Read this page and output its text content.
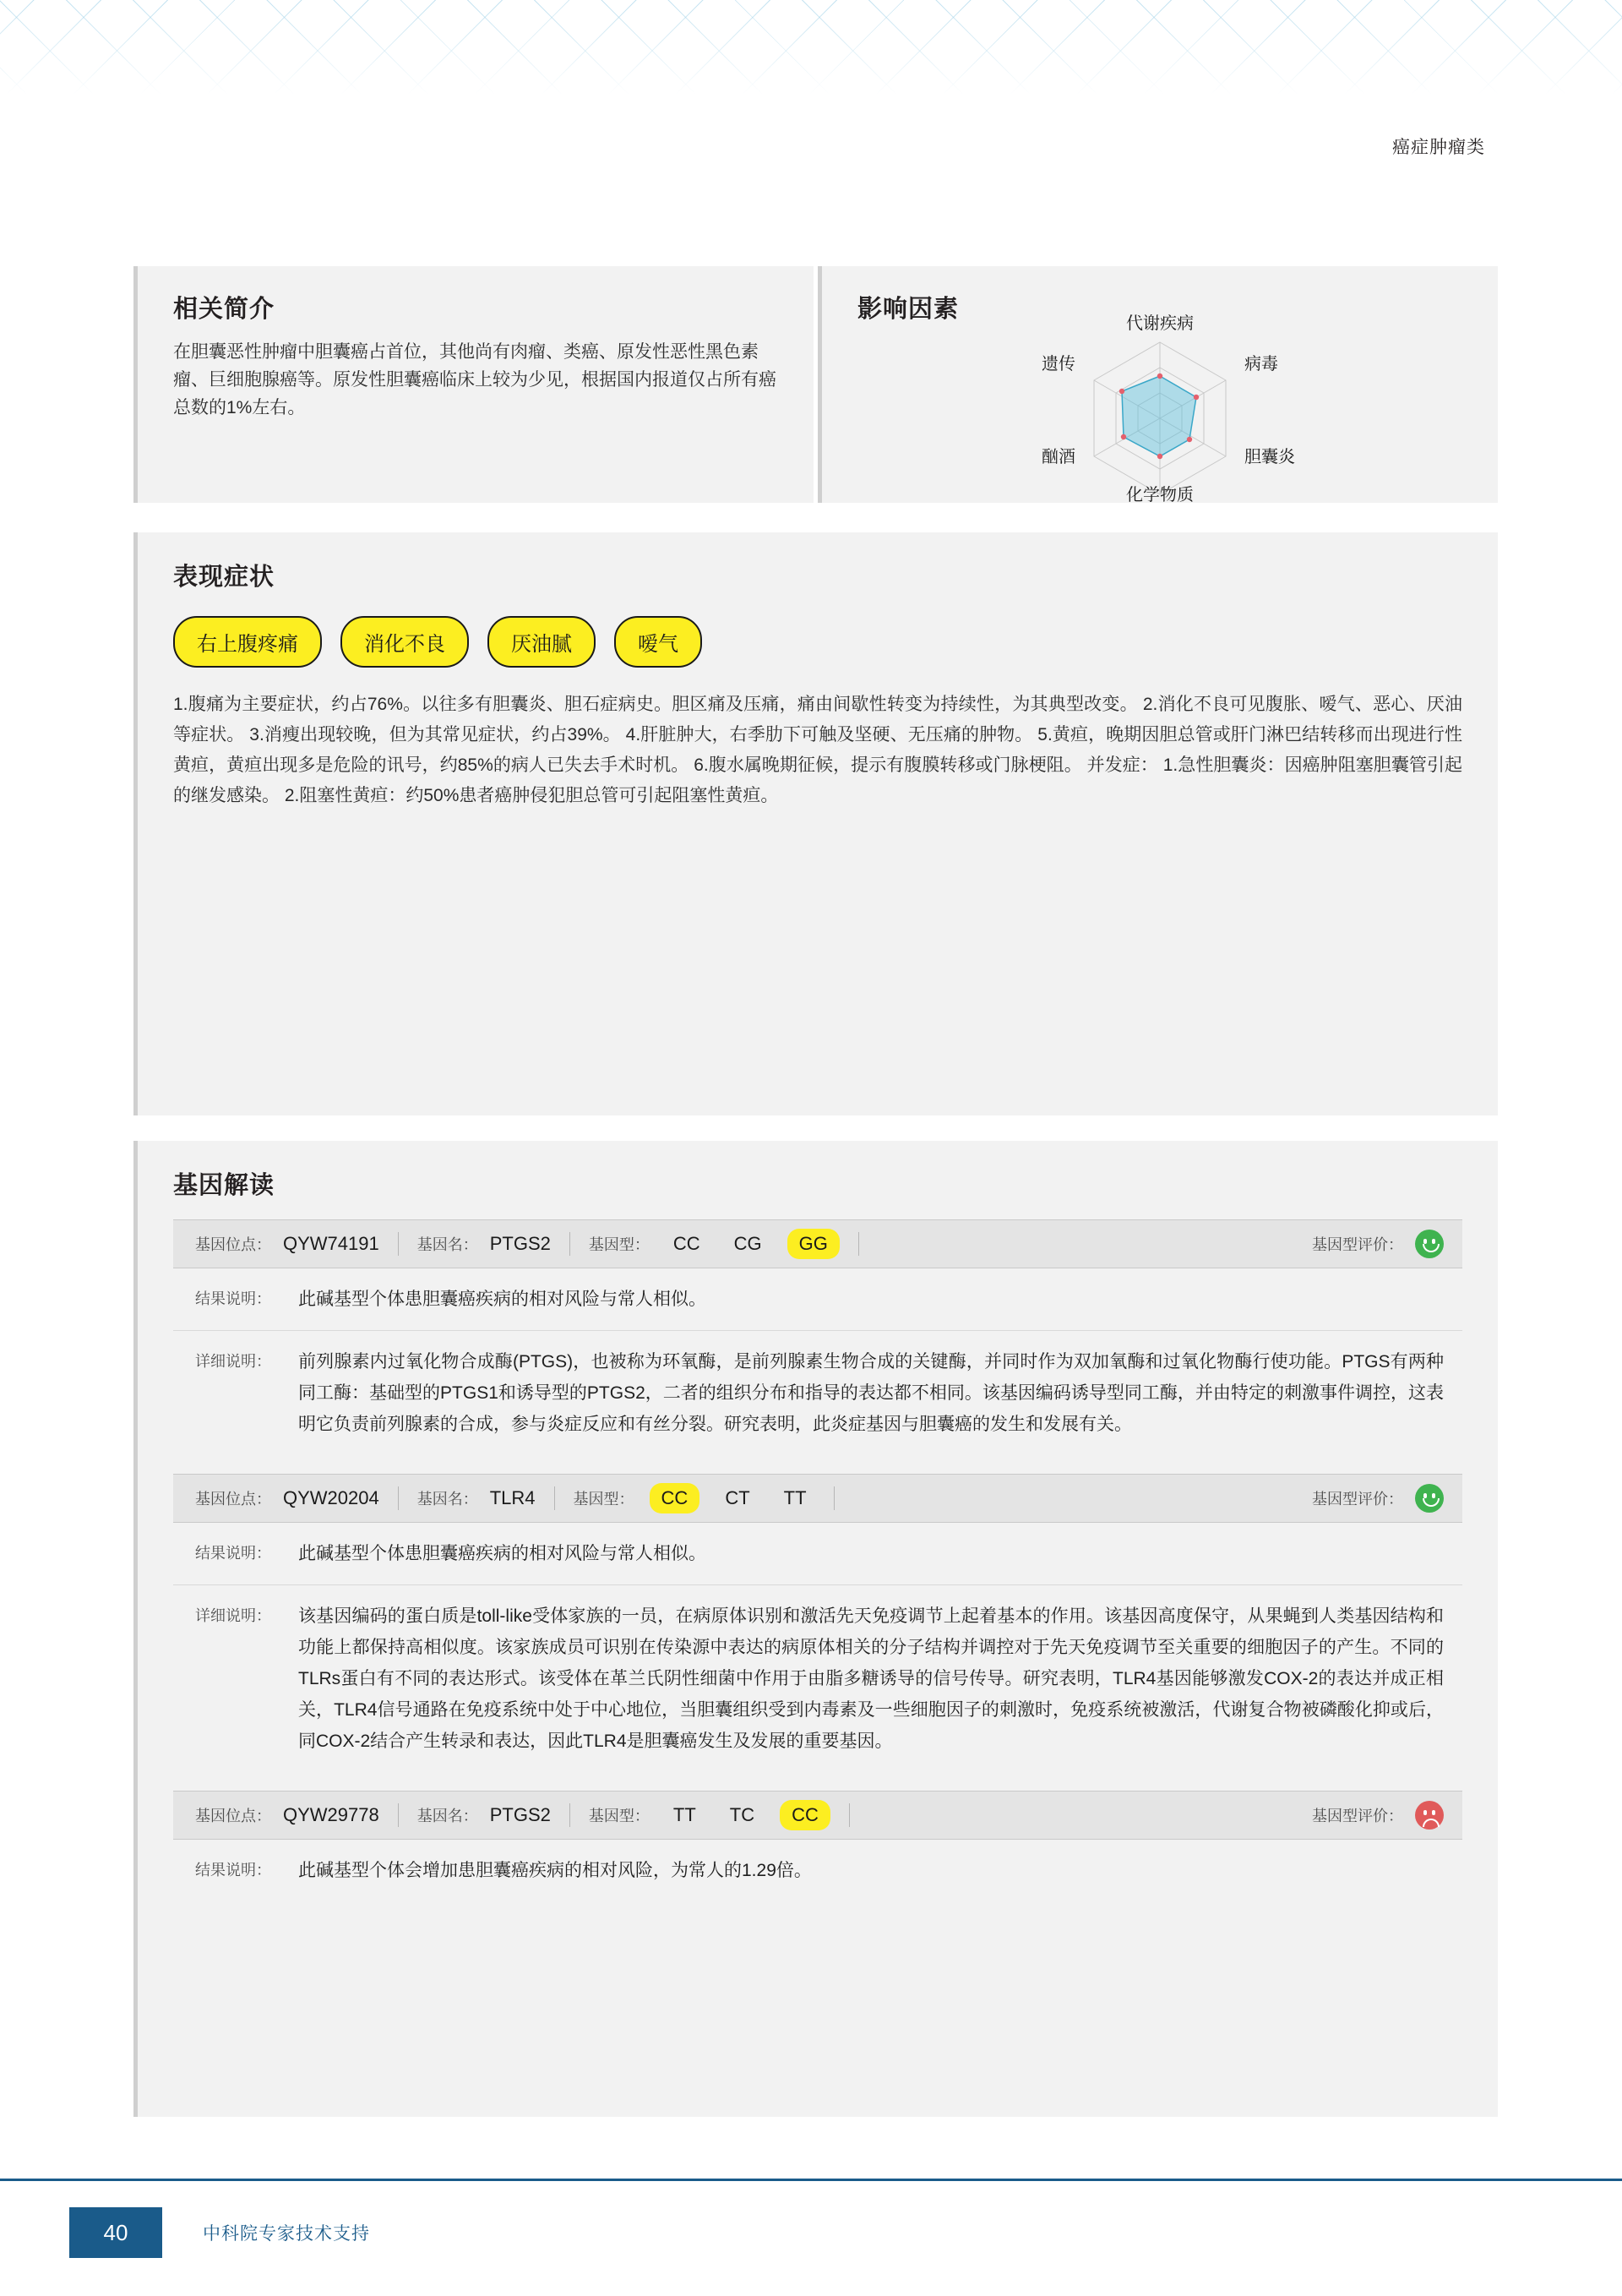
癌症肿瘤类
相关简介
在胆囊恶性肿瘤中胆囊癌占首位，其他尚有肉瘤、类癌、原发性恶性黑色素瘤、巨细胞腺癌等。原发性胆囊癌临床上较为少见，根据国内报道仅占所有癌总数的1%左右。
影响因素
代谢疾病
病毒
胆囊炎
化学物质
酗酒
遗传
表现症状
右上腹疼痛	消化不良	厌油腻	嗳气
1.腹痛为主要症状，约占76%。以往多有胆囊炎、胆石症病史。胆区痛及压痛，痛由间歇性转变为持续性，为其典型改变。 2.消化不良可见腹胀、嗳气、恶心、厌油等症状。 3.消瘦出现较晚，但为其常见症状，约占39%。 4.肝脏肿大，右季肋下可触及坚硬、无压痛的肿物。 5.黄疸，晚期因胆总管或肝门淋巴结转移而出现进行性黄疸，黄疸出现多是危险的讯号，约85%的病人已失去手术时机。 6.腹水属晚期征候，提示有腹膜转移或门脉梗阻。 并发症： 1.急性胆囊炎：因癌肿阻塞胆囊管引起的继发感染。 2.阻塞性黄疸：约50%患者癌肿侵犯胆总管可引起阻塞性黄疸。
基因解读
基因位点： QYW74191	基因名： PTGS2	基因型：	CC	CG	GG	基因型评价：
结果说明：	此碱基型个体患胆囊癌疾病的相对风险与常人相似。
详细说明：	前列腺素内过氧化物合成酶(PTGS)，也被称为环氧酶，是前列腺素生物合成的关键酶，并同时作为双加氧酶和过氧化物酶行使功能。PTGS有两种同工酶：基础型的PTGS1和诱导型的PTGS2，二者的组织分布和指导的表达都不相同。该基因编码诱导型同工酶，并由特定的刺激事件调控，这表明它负责前列腺素的合成，参与炎症反应和有丝分裂。研究表明，此炎症基因与胆囊癌的发生和发展有关。
基因位点： QYW20204	基因名： TLR4	基因型：	CC	CT	TT	基因型评价：
结果说明：	此碱基型个体患胆囊癌疾病的相对风险与常人相似。
详细说明：	该基因编码的蛋白质是toll-like受体家族的一员，在病原体识别和激活先天免疫调节上起着基本的作用。该基因高度保守，从果蝇到人类基因结构和功能上都保持高相似度。该家族成员可识别在传染源中表达的病原体相关的分子结构并调控对于先天免疫调节至关重要的细胞因子的产生。不同的TLRs蛋白有不同的表达形式。该受体在革兰氏阴性细菌中作用于由脂多糖诱导的信号传导。研究表明，TLR4基因能够激发COX-2的表达并成正相关，TLR4信号通路在免疫系统中处于中心地位，当胆囊组织受到内毒素及一些细胞因子的刺激时，免疫系统被激活，代谢复合物被磷酸化抑或后，同COX-2结合产生转录和表达，因此TLR4是胆囊癌发生及发展的重要基因。
基因位点： QYW29778	基因名： PTGS2	基因型：	TT	TC	CC	基因型评价：
结果说明：	此碱基型个体会增加患胆囊癌疾病的相对风险，为常人的1.29倍。
40	中科院专家技术支持
